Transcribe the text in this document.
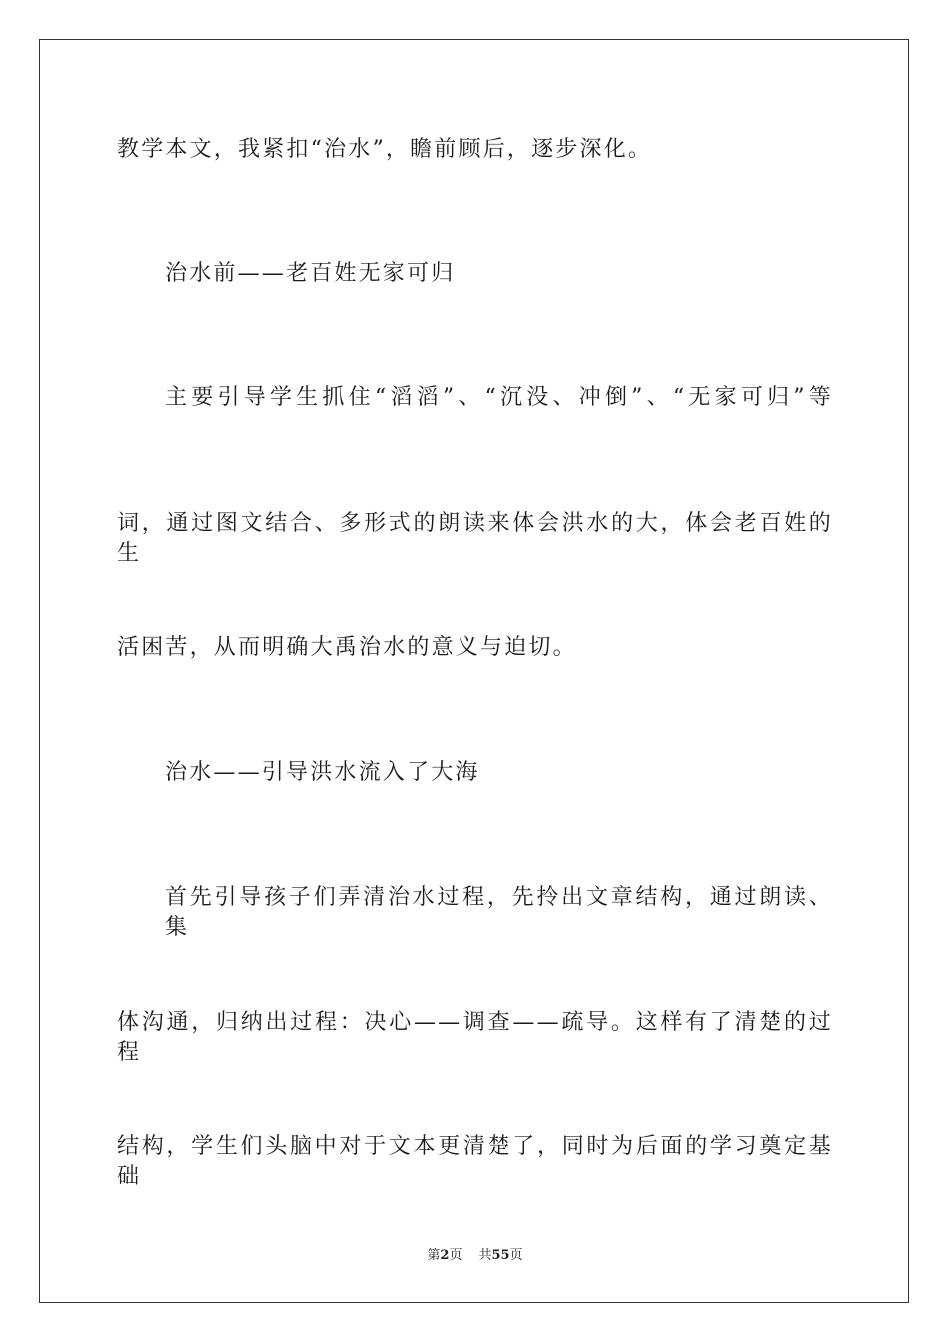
教学本文，我紧扣“治水”，瞻前顾后，逐步深化。

治水前——老百姓无家可归

主要引导学生抓住“滔滔”、“沉没、冲倒”、“无家可归”等

词，通过图文结合、多形式的朗读来体会洪水的大，体会老百姓的生

活困苦，从而明确大禹治水的意义与迫切。

治水——引导洪水流入了大海

首先引导孩子们弄清治水过程，先拎出文章结构，通过朗读、集

体沟通，归纳出过程：决心——调查——疏导。这样有了清楚的过程

结构，学生们头脑中对于文本更清楚了，同时为后面的学习奠定基础

第2页 共55页
